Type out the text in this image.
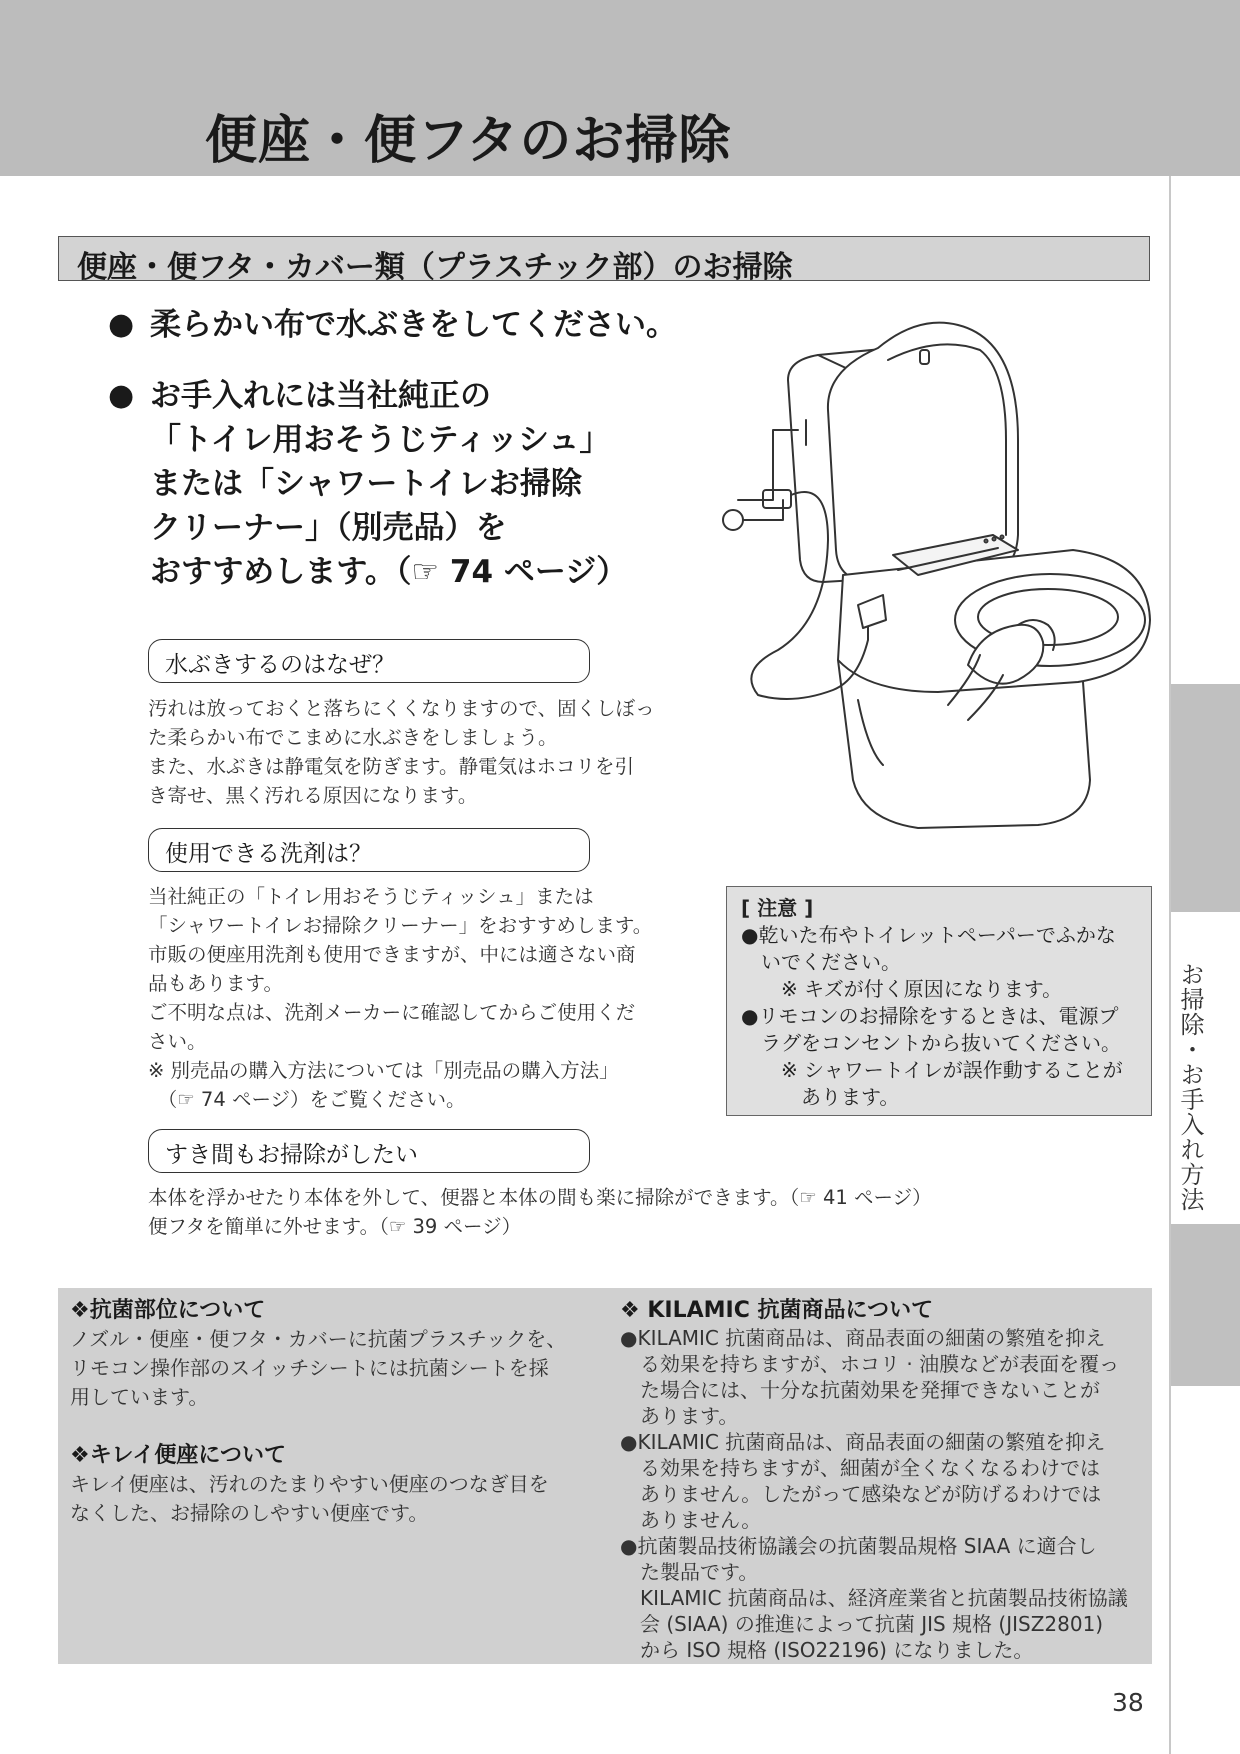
便座・便フタのお掃除
お掃除・お手入れ方法
便座・便フタ・カバー類（プラスチック部）のお掃除
● 柔らかい布で水ぶきをしてください。
● お手入れには当社純正の
「トイレ用おそうじティッシュ」
または「シャワートイレお掃除
クリーナー」（別売品）を
おすすめします。（☞ 74 ページ）
水ぶきするのはなぜ？
汚れは放っておくと落ちにくくなりますので、固くしぼっ
た柔らかい布でこまめに水ぶきをしましょう。
また、水ぶきは静電気を防ぎます。静電気はホコリを引
き寄せ、黒く汚れる原因になります。
使用できる洗剤は？
当社純正の「トイレ用おそうじティッシュ」または
「シャワートイレお掃除クリーナー」をおすすめします。
市販の便座用洗剤も使用できますが、中には適さない商
品もあります。
ご不明な点は、洗剤メーカーに確認してからご使用くだ
さい。
※ 別売品の購入方法については「別売品の購入方法」
　（☞ 74 ページ）をご覧ください。
すき間もお掃除がしたい
本体を浮かせたり本体を外して、便器と本体の間も楽に掃除ができます。（☞ 41 ページ）
便フタを簡単に外せます。（☞ 39 ページ）
[ 注意 ]
●乾いた布やトイレットペーパーでふかな
　いでください。
　　※ キズが付く原因になります。
●リモコンのお掃除をするときは、電源プ
　ラグをコンセントから抜いてください。
　　※ シャワートイレが誤作動することが
　　　あります。
❖抗菌部位について
ノズル・便座・便フタ・カバーに抗菌プラスチックを、
リモコン操作部のスイッチシートには抗菌シートを採
用しています。
❖キレイ便座について
キレイ便座は、汚れのたまりやすい便座のつなぎ目を
なくした、お掃除のしやすい便座です。
❖ KILAMIC 抗菌商品について
●KILAMIC 抗菌商品は、商品表面の細菌の繁殖を抑え
　る効果を持ちますが、ホコリ · 油膜などが表面を覆っ
　た場合には、十分な抗菌効果を発揮できないことが
　あります。
●KILAMIC 抗菌商品は、商品表面の細菌の繁殖を抑え
　る効果を持ちますが、細菌が全くなくなるわけでは
　ありません。したがって感染などが防げるわけでは
　ありません。
●抗菌製品技術協議会の抗菌製品規格 SIAA に適合し
　た製品です。
　KILAMIC 抗菌商品は、経済産業省と抗菌製品技術協議
　会 (SIAA) の推進によって抗菌 JIS 規格 (JISZ2801)
　から ISO 規格 (ISO22196) になりました。
38
